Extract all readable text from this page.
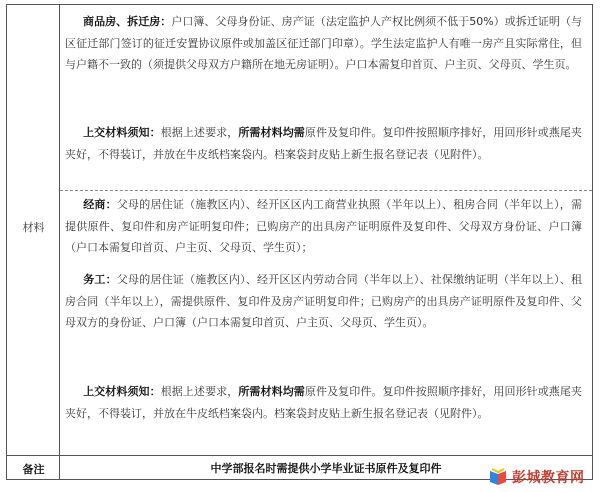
材料
备注
商品房、拆迁房：户口簿、父母身份证、房产证（法定监护人产权比例须不低于50%）或拆迁证明（与区征迁部门签订的征迁安置协议原件或加盖区征迁部门印章）。学生法定监护人有唯一房产且实际常住，但与户籍不一致的（须提供父母双方户籍所在地无房证明）。户口本需复印首页、户主页、父母页、学生页。
上交材料须知：根据上述要求，所需材料均需原件及复印件。复印件按照顺序排好，用回形针或燕尾夹夹好，不得装订，并放在牛皮纸档案袋内。档案袋封皮贴上新生报名登记表（见附件）。
经商：父母的居住证（施教区内）、经开区区内工商营业执照（半年以上）、租房合同（半年以上），需提供原件、复印件和房产证明复印件；已购房产的出具房产证明原件及复印件、父母双方身份证、户口簿（户口本需复印首页、户主页、父母页、学生页）；
务工：父母的居住证（施教区内）、经开区区内劳动合同（半年以上）、社保缴纳证明（半年以上）、租房合同（半年以上），需提供原件、复印件及房产证明复印件；已购房产的出具房产证明原件及复印件、父母双方的身份证、户口簿（户口本需复印首页、户主页、父母页、学生页）。
上交材料须知：根据上述要求，所需材料均需原件及复印件。复印件按照顺序排好，用回形针或燕尾夹夹好，不得装订，并放在牛皮纸档案袋内。档案袋封皮贴上新生报名登记表（见附件）。
中学部报名时需提供小学毕业证书原件及复印件
彭城教育网
